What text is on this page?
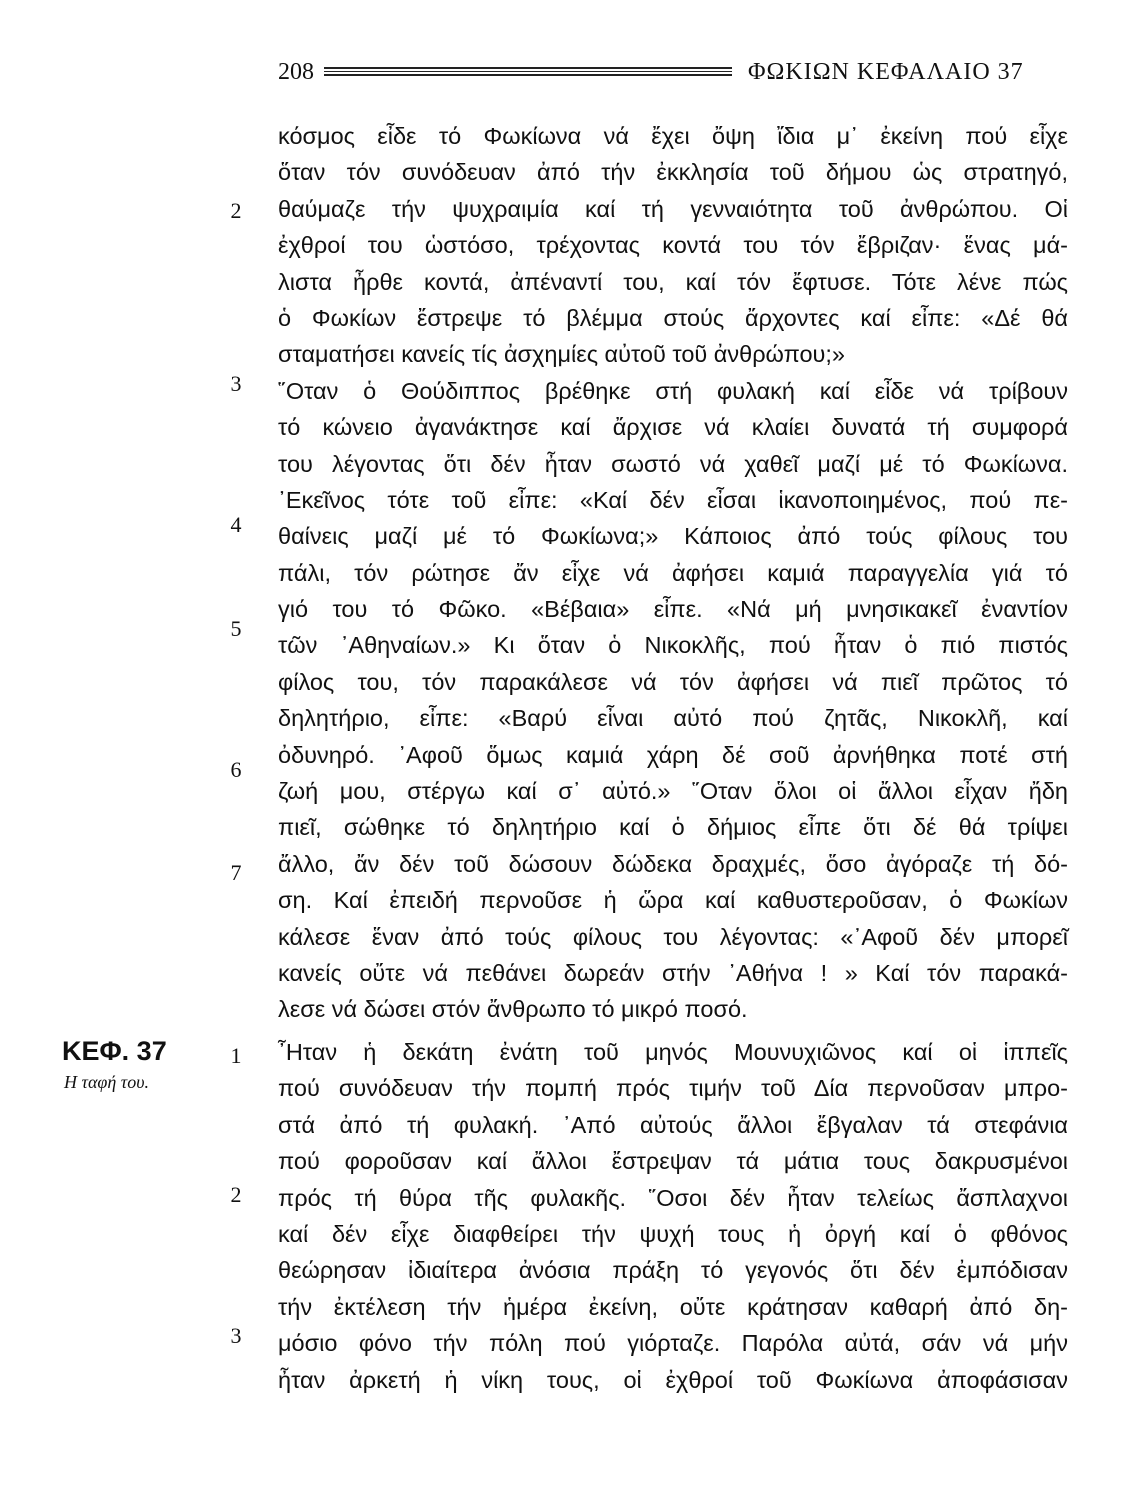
208	ΦΩΚΙΩΝ ΚΕΦΑΛΑΙΟ 37
κόσμος εἶδε τό Φωκίωνα νά ἔχει ὄψη ἴδια μ᾽ ἐκείνη πού εἶχε
ὅταν τόν συνόδευαν ἀπό τήν ἐκκλησία τοῦ δήμου ὡς στρατηγό,
θαύμαζε τήν ψυχραιμία καί τή γενναιότητα τοῦ ἀνθρώπου. Οἱ
ἐχθροί του ὡστόσο, τρέχοντας κοντά του τόν ἔβριζαν· ἕνας μά-
λιστα ἦρθε κοντά, ἀπέναντί του, καί τόν ἔφτυσε. Τότε λένε πώς
ὁ Φωκίων ἔστρεψε τό βλέμμα στούς ἄρχοντες καί εἶπε: «Δέ θά
σταματήσει κανείς τίς ἀσχημίες αὐτοῦ τοῦ ἀνθρώπου;»
῞Οταν ὁ Θούδιππος βρέθηκε στή φυλακή καί εἶδε νά τρίβουν
τό κώνειο ἀγανάκτησε καί ἄρχισε νά κλαίει δυνατά τή συμφορά
του λέγοντας ὅτι δέν ἦταν σωστό νά χαθεῖ μαζί μέ τό Φωκίωνα.
᾽Εκεῖνος τότε τοῦ εἶπε: «Καί δέν εἶσαι ἱκανοποιημένος, πού πε-
θαίνεις μαζί μέ τό Φωκίωνα;» Κάποιος ἀπό τούς φίλους του
πάλι, τόν ρώτησε ἄν εἶχε νά ἀφήσει καμιά παραγγελία γιά τό
γιό του τό Φῶκο. «Βέβαια» εἶπε. «Νά μή μνησικακεῖ ἐναντίον
τῶν ᾽Αθηναίων.» Κι ὅταν ὁ Νικοκλῆς, πού ἦταν ὁ πιό πιστός
φίλος του, τόν παρακάλεσε νά τόν ἀφήσει νά πιεῖ πρῶτος τό
δηλητήριο, εἶπε: «Βαρύ εἶναι αὐτό πού ζητᾶς, Νικοκλῆ, καί
ὀδυνηρό. ᾽Αφοῦ ὅμως καμιά χάρη δέ σοῦ ἀρνήθηκα ποτέ στή
ζωή μου, στέργω καί σ᾽ αὐτό.» ῞Οταν ὅλοι οἱ ἄλλοι εἶχαν ἤδη
πιεῖ, σώθηκε τό δηλητήριο καί ὁ δήμιος εἶπε ὅτι δέ θά τρίψει
ἄλλο, ἄν δέν τοῦ δώσουν δώδεκα δραχμές, ὅσο ἀγόραζε τή δό-
ση. Καί ἐπειδή περνοῦσε ἡ ὥρα καί καθυστεροῦσαν, ὁ Φωκίων
κάλεσε ἕναν ἀπό τούς φίλους του λέγοντας: «᾽Αφοῦ δέν μπορεῖ
κανείς οὔτε νά πεθάνει δωρεάν στήν ᾽Αθήνα ! » Καί τόν παρακά-
λεσε νά δώσει στόν ἄνθρωπο τό μικρό ποσό.
2
3
4
5
6
7
ΚΕΦ. 37
Η ταφή του.
῏Ηταν ἡ δεκάτη ἐνάτη τοῦ μηνός Μουνυχιῶνος καί οἱ ἱππεῖς
πού συνόδευαν τήν πομπή πρός τιμήν τοῦ Δία περνοῦσαν μπρο-
στά ἀπό τή φυλακή. ᾽Από αὐτούς ἄλλοι ἔβγαλαν τά στεφάνια
πού φοροῦσαν καί ἄλλοι ἔστρεψαν τά μάτια τους δακρυσμένοι
πρός τή θύρα τῆς φυλακῆς. ῞Οσοι δέν ἦταν τελείως ἄσπλαχνοι
καί δέν εἶχε διαφθείρει τήν ψυχή τους ἡ ὀργή καί ὁ φθόνος
θεώρησαν ἰδιαίτερα ἀνόσια πράξη τό γεγονός ὅτι δέν ἐμπόδισαν
τήν ἐκτέλεση τήν ἡμέρα ἐκείνη, οὔτε κράτησαν καθαρή ἀπό δη-
μόσιο φόνο τήν πόλη πού γιόρταζε. Παρόλα αὐτά, σάν νά μήν
ἦταν ἀρκετή ἡ νίκη τους, οἱ ἐχθροί τοῦ Φωκίωνα ἀποφάσισαν
1
2
3
